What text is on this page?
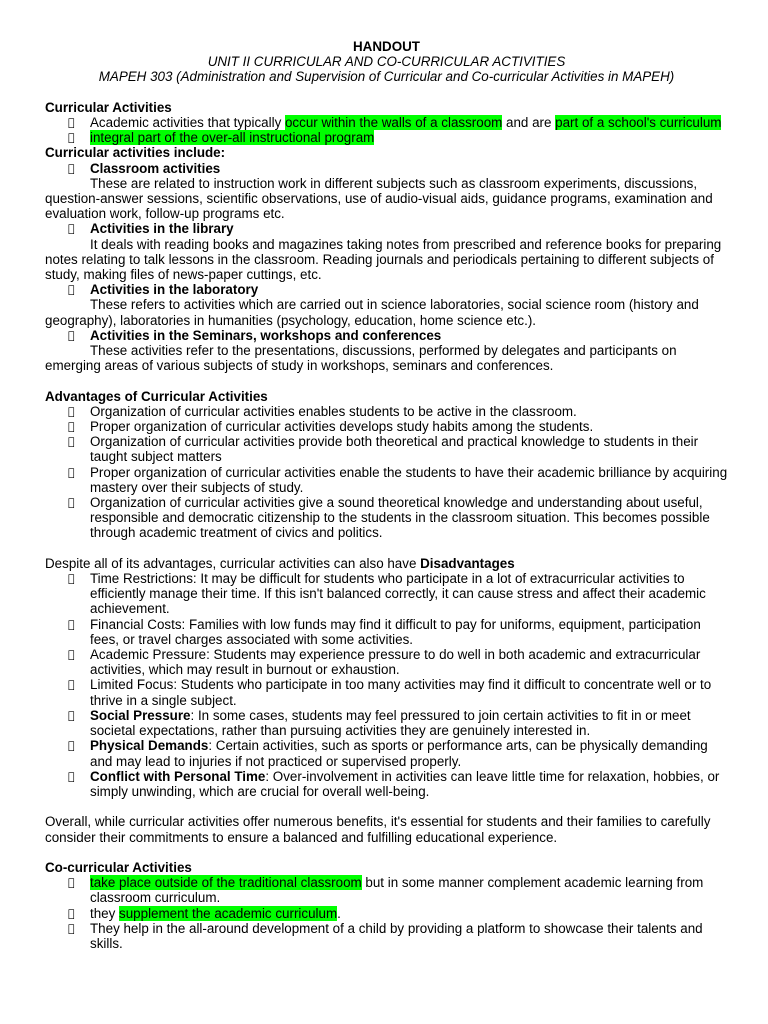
HANDOUT

UNIT II CURRICULAR AND CO-CURRICULAR ACTIVITIES

MAPEH 303 (Administration and Supervision of Curricular and Co-curricular Activities in MAPEH)

Curricular Activities

Academic activities that typically occur within the walls of a classroom and are part of a school's curriculum
integral part of the over-all instructional program

Curricular activities include:

Classroom activities

These are related to instruction work in different subjects such as classroom experiments, discussions, question-answer sessions, scientific observations, use of audio-visual aids, guidance programs, examination and evaluation work, follow-up programs etc.

Activities in the library

It deals with reading books and magazines taking notes from prescribed and reference books for preparing notes relating to talk lessons in the classroom. Reading journals and periodicals pertaining to different subjects of study, making files of news-paper cuttings, etc.

Activities in the laboratory

These refers to activities which are carried out in science laboratories, social science room (history and geography), laboratories in humanities (psychology, education, home science etc.).

Activities in the Seminars, workshops and conferences

These activities refer to the presentations, discussions, performed by delegates and participants on emerging areas of various subjects of study in workshops, seminars and conferences.

Advantages of Curricular Activities

Organization of curricular activities enables students to be active in the classroom.
Proper organization of curricular activities develops study habits among the students.
Organization of curricular activities provide both theoretical and practical knowledge to students in their taught subject matters
Proper organization of curricular activities enable the students to have their academic brilliance by acquiring mastery over their subjects of study.
Organization of curricular activities give a sound theoretical knowledge and understanding about useful, responsible and democratic citizenship to the students in the classroom situation. This becomes possible through academic treatment of civics and politics.

Despite all of its advantages, curricular activities can also have Disadvantages

Time Restrictions: It may be difficult for students who participate in a lot of extracurricular activities to efficiently manage their time. If this isn't balanced correctly, it can cause stress and affect their academic achievement.
Financial Costs: Families with low funds may find it difficult to pay for uniforms, equipment, participation fees, or travel charges associated with some activities.
Academic Pressure: Students may experience pressure to do well in both academic and extracurricular activities, which may result in burnout or exhaustion.
Limited Focus: Students who participate in too many activities may find it difficult to concentrate well or to thrive in a single subject.
Social Pressure: In some cases, students may feel pressured to join certain activities to fit in or meet societal expectations, rather than pursuing activities they are genuinely interested in.
Physical Demands: Certain activities, such as sports or performance arts, can be physically demanding and may lead to injuries if not practiced or supervised properly.
Conflict with Personal Time: Over-involvement in activities can leave little time for relaxation, hobbies, or simply unwinding, which are crucial for overall well-being.

Overall, while curricular activities offer numerous benefits, it's essential for students and their families to carefully consider their commitments to ensure a balanced and fulfilling educational experience.

Co-curricular Activities

take place outside of the traditional classroom but in some manner complement academic learning from classroom curriculum.
they supplement the academic curriculum.
They help in the all-around development of a child by providing a platform to showcase their talents and skills.
